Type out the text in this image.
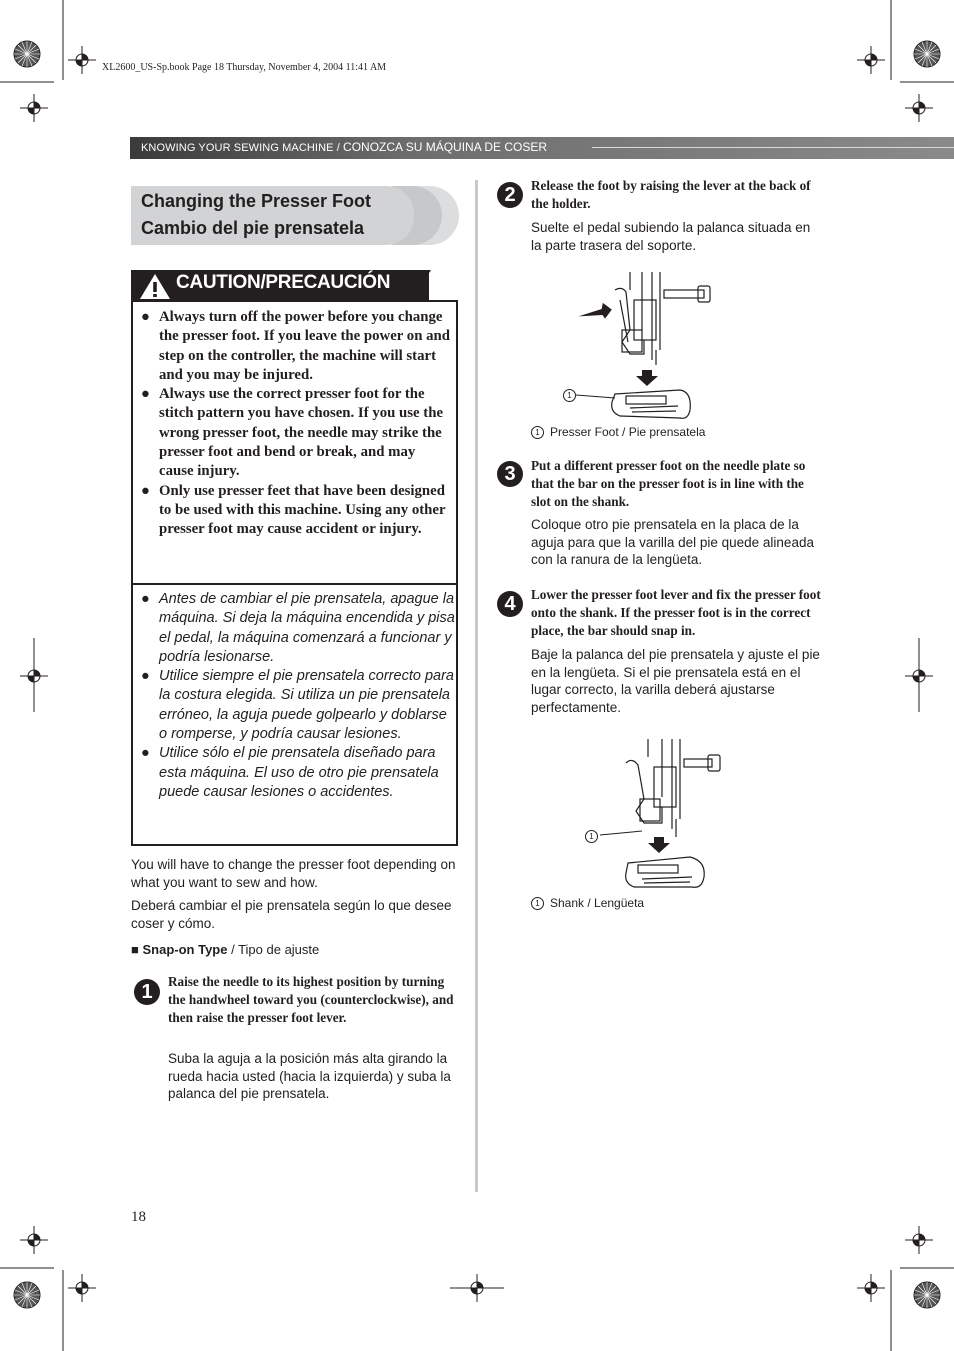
XL2600_US-Sp.book Page 18 Thursday, November 4, 2004 11:41 AM
KNOWING YOUR SEWING MACHINE / CONOZCA SU MÁQUINA DE COSER
Changing the Presser Foot
Cambio del pie prensatela
CAUTION/PRECAUCIÓN
● Always turn off the power before you change the presser foot. If you leave the power on and step on the controller, the machine will start and you may be injured.
● Always use the correct presser foot for the stitch pattern you have chosen. If you use the wrong presser foot, the needle may strike the presser foot and bend or break, and may cause injury.
● Only use presser feet that have been designed to be used with this machine. Using any other presser foot may cause accident or injury.
● Antes de cambiar el pie prensatela, apague la máquina. Si deja la máquina encendida y pisa el pedal, la máquina comenzará a funcionar y podría lesionarse.
● Utilice siempre el pie prensatela correcto para la costura elegida. Si utiliza un pie prensatela erróneo, la aguja puede golpearlo y doblarse o romperse, y podría causar lesiones.
● Utilice sólo el pie prensatela diseñado para esta máquina. El uso de otro pie prensatela puede causar lesiones o accidentes.
You will have to change the presser foot depending on what you want to sew and how.
Deberá cambiar el pie prensatela según lo que desee coser y cómo.
■ Snap-on Type / Tipo de ajuste
1	Raise the needle to its highest position by turning the handwheel toward you (counterclockwise), and then raise the presser foot lever.
Suba la aguja a la posición más alta girando la rueda hacia usted (hacia la izquierda) y suba la palanca del pie prensatela.
18
2	Release the foot by raising the lever at the back of the holder.
Suelte el pedal subiendo la palanca situada en la parte trasera del soporte.
1
1 Presser Foot / Pie prensatela
3	Put a different presser foot on the needle plate so that the bar on the presser foot is in line with the slot on the shank.
Coloque otro pie prensatela en la placa de la aguja para que la varilla del pie quede alineada con la ranura de la lengüeta.
4	Lower the presser foot lever and fix the presser foot onto the shank. If the presser foot is in the correct place, the bar should snap in.
Baje la palanca del pie prensatela y ajuste el pie en la lengüeta. Si el pie prensatela está en el lugar correcto, la varilla deberá ajustarse perfectamente.
1
1 Shank / Lengüeta
